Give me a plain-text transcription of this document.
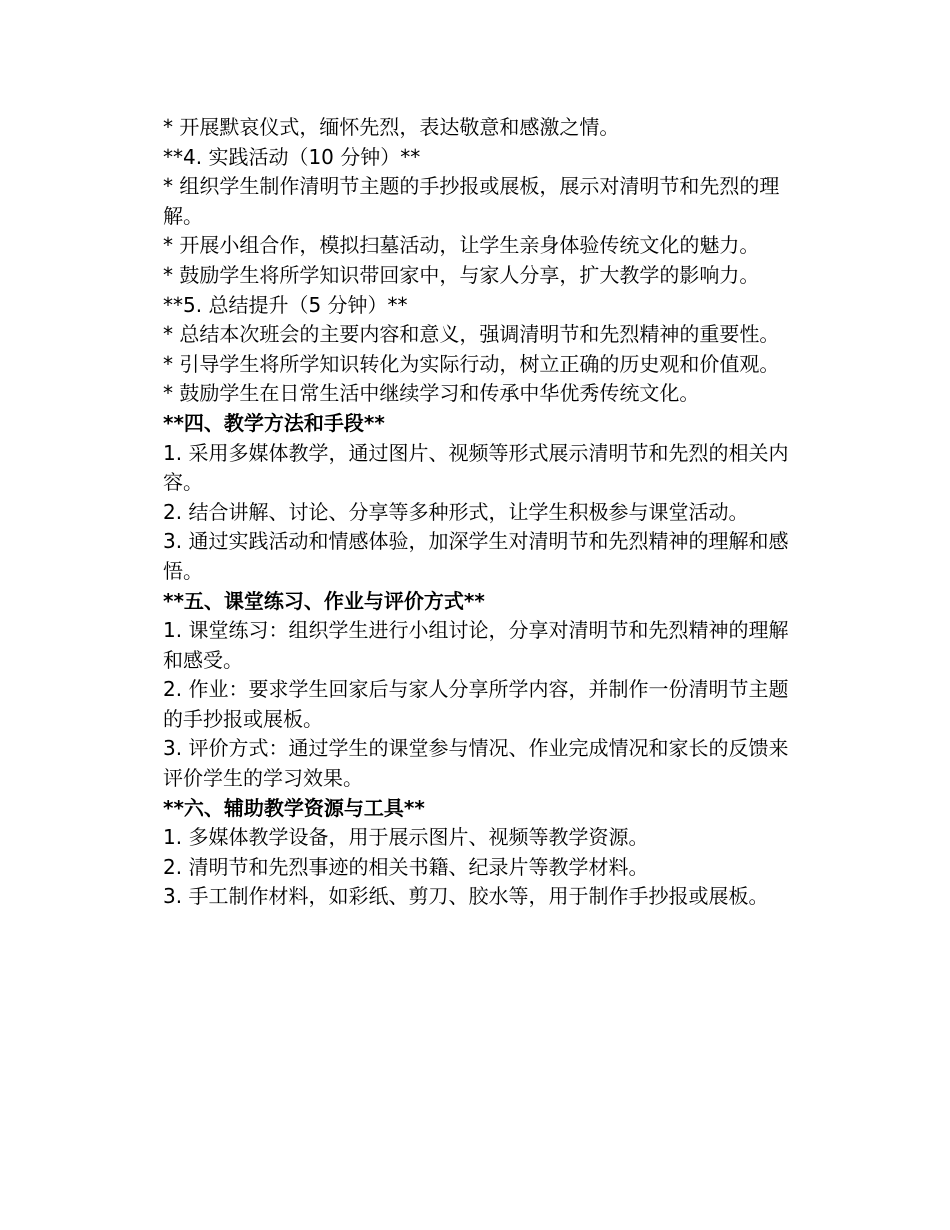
* 开展默哀仪式，缅怀先烈，表达敬意和感激之情。

**4. 实践活动（10 分钟）**

* 组织学生制作清明节主题的手抄报或展板，展示对清明节和先烈的理解。

* 开展小组合作，模拟扫墓活动，让学生亲身体验传统文化的魅力。

* 鼓励学生将所学知识带回家中，与家人分享，扩大教学的影响力。

**5. 总结提升（5 分钟）**

* 总结本次班会的主要内容和意义，强调清明节和先烈精神的重要性。

* 引导学生将所学知识转化为实际行动，树立正确的历史观和价值观。

* 鼓励学生在日常生活中继续学习和传承中华优秀传统文化。

**四、教学方法和手段**

1. 采用多媒体教学，通过图片、视频等形式展示清明节和先烈的相关内容。

2. 结合讲解、讨论、分享等多种形式，让学生积极参与课堂活动。

3. 通过实践活动和情感体验，加深学生对清明节和先烈精神的理解和感悟。

**五、课堂练习、作业与评价方式**

1. 课堂练习：组织学生进行小组讨论，分享对清明节和先烈精神的理解和感受。

2. 作业：要求学生回家后与家人分享所学内容，并制作一份清明节主题的手抄报或展板。

3. 评价方式：通过学生的课堂参与情况、作业完成情况和家长的反馈来评价学生的学习效果。

**六、辅助教学资源与工具**

1. 多媒体教学设备，用于展示图片、视频等教学资源。

2. 清明节和先烈事迹的相关书籍、纪录片等教学材料。

3. 手工制作材料，如彩纸、剪刀、胶水等，用于制作手抄报或展板。
